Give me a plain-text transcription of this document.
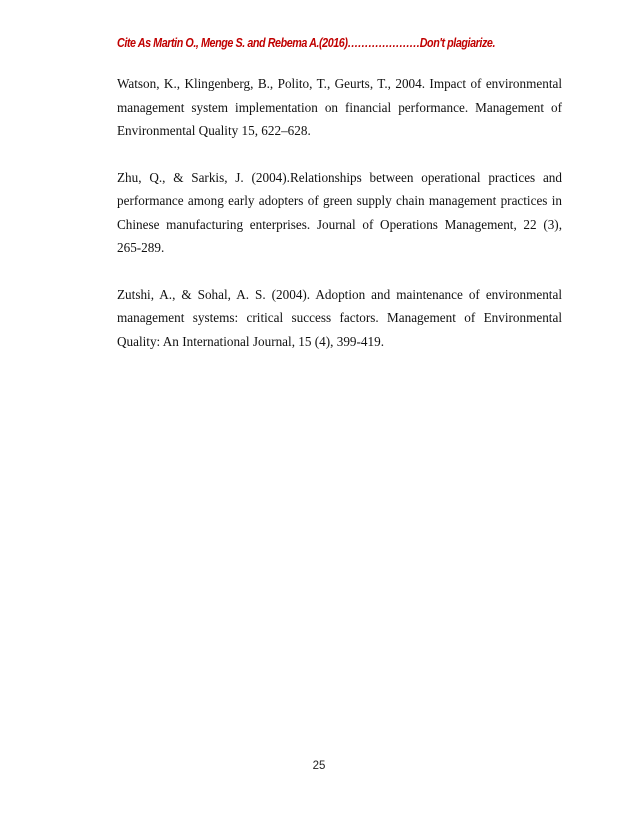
Cite As Martin O., Menge S. and Rebema A.(2016)…………………Don't plagiarize.

Watson, K., Klingenberg, B., Polito, T., Geurts, T., 2004. Impact of environmental management system implementation on financial performance. Management of Environmental Quality 15, 622–628.

Zhu, Q., & Sarkis, J. (2004).Relationships between operational practices and performance among early adopters of green supply chain management practices in Chinese manufacturing enterprises. Journal of Operations Management, 22 (3), 265-289.

Zutshi, A., & Sohal, A. S. (2004). Adoption and maintenance of environmental management systems: critical success factors. Management of Environmental Quality: An International Journal, 15 (4), 399-419.

25
